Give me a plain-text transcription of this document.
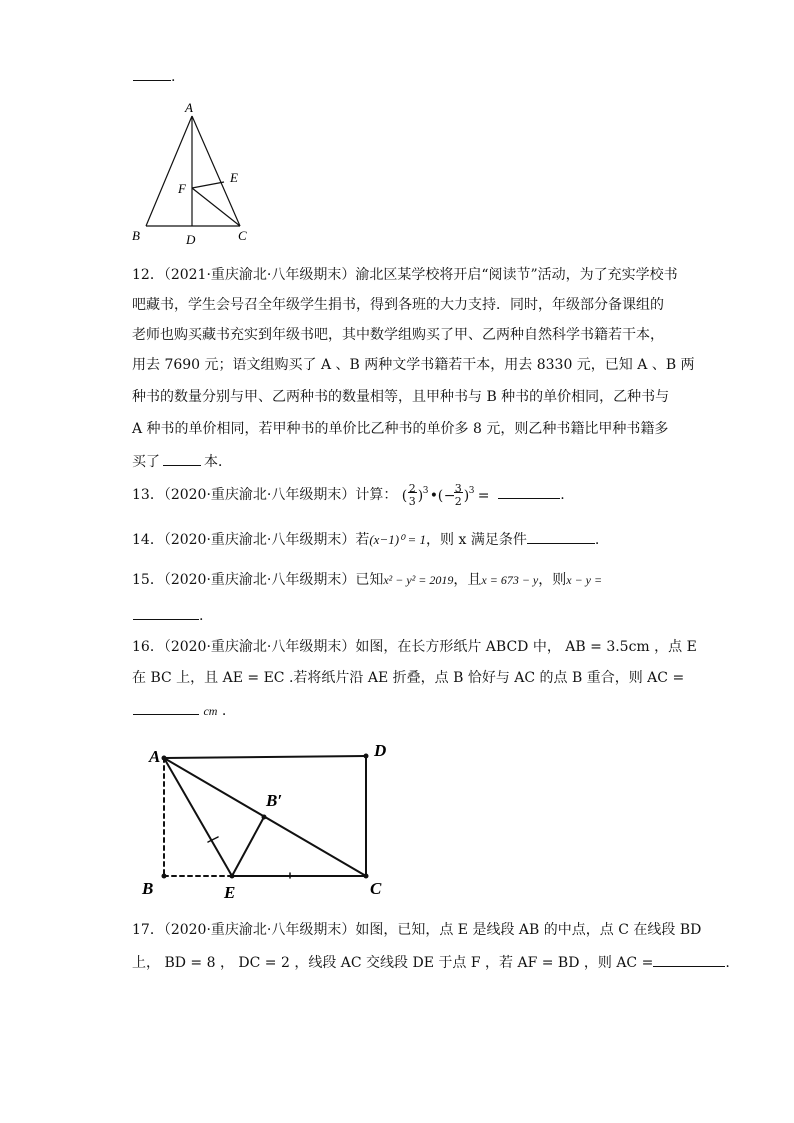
.
A
B	D	C
E
F
12．（2021·重庆渝北·八年级期末）渝北区某学校将开启“阅读节”活动，为了充实学校书
吧藏书，学生会号召全年级学生捐书，得到各班的大力支持．同时，年级部分备课组的
老师也购买藏书充实到年级书吧，其中数学组购买了甲、乙两种自然科学书籍若干本，
用去 7690 元；语文组购买了 A 、B 两种文学书籍若干本，用去 8330 元，已知 A 、B 两
种书的数量分别与甲、乙两种书的数量相等，且甲种书与 B 种书的单价相同，乙种书与
A 种书的单价相同，若甲种书的单价比乙种书的单价多 8 元，则乙种书籍比甲种书籍多
买了	本．
13．（2020·重庆渝北·八年级期末）计算： ( 2
3 ) 3 • ( − 3
2 ) 3 =	.
14．（2020·重庆渝北·八年级期末）若(x−1)⁰ = 1，则 x 满足条件	.
15．（2020·重庆渝北·八年级期末）已知x² − y² = 2019，且x = 673 − y，则x − y =
.
16．（2020·重庆渝北·八年级期末）如图，在长方形纸片 ABCD 中， AB = 3.5cm ，点 E
在 BC 上，且 AE = EC .若将纸片沿 AE 折叠，点 B 恰好与 AC 的点 B 重合，则 AC =
cm .
A	D
B′
B	E	C
17．（2020·重庆渝北·八年级期末）如图，已知，点 E 是线段 AB 的中点，点 C 在线段 BD
上， BD = 8 ， DC = 2 ，线段 AC 交线段 DE 于点 F ，若 AF = BD ，则 AC =	.
